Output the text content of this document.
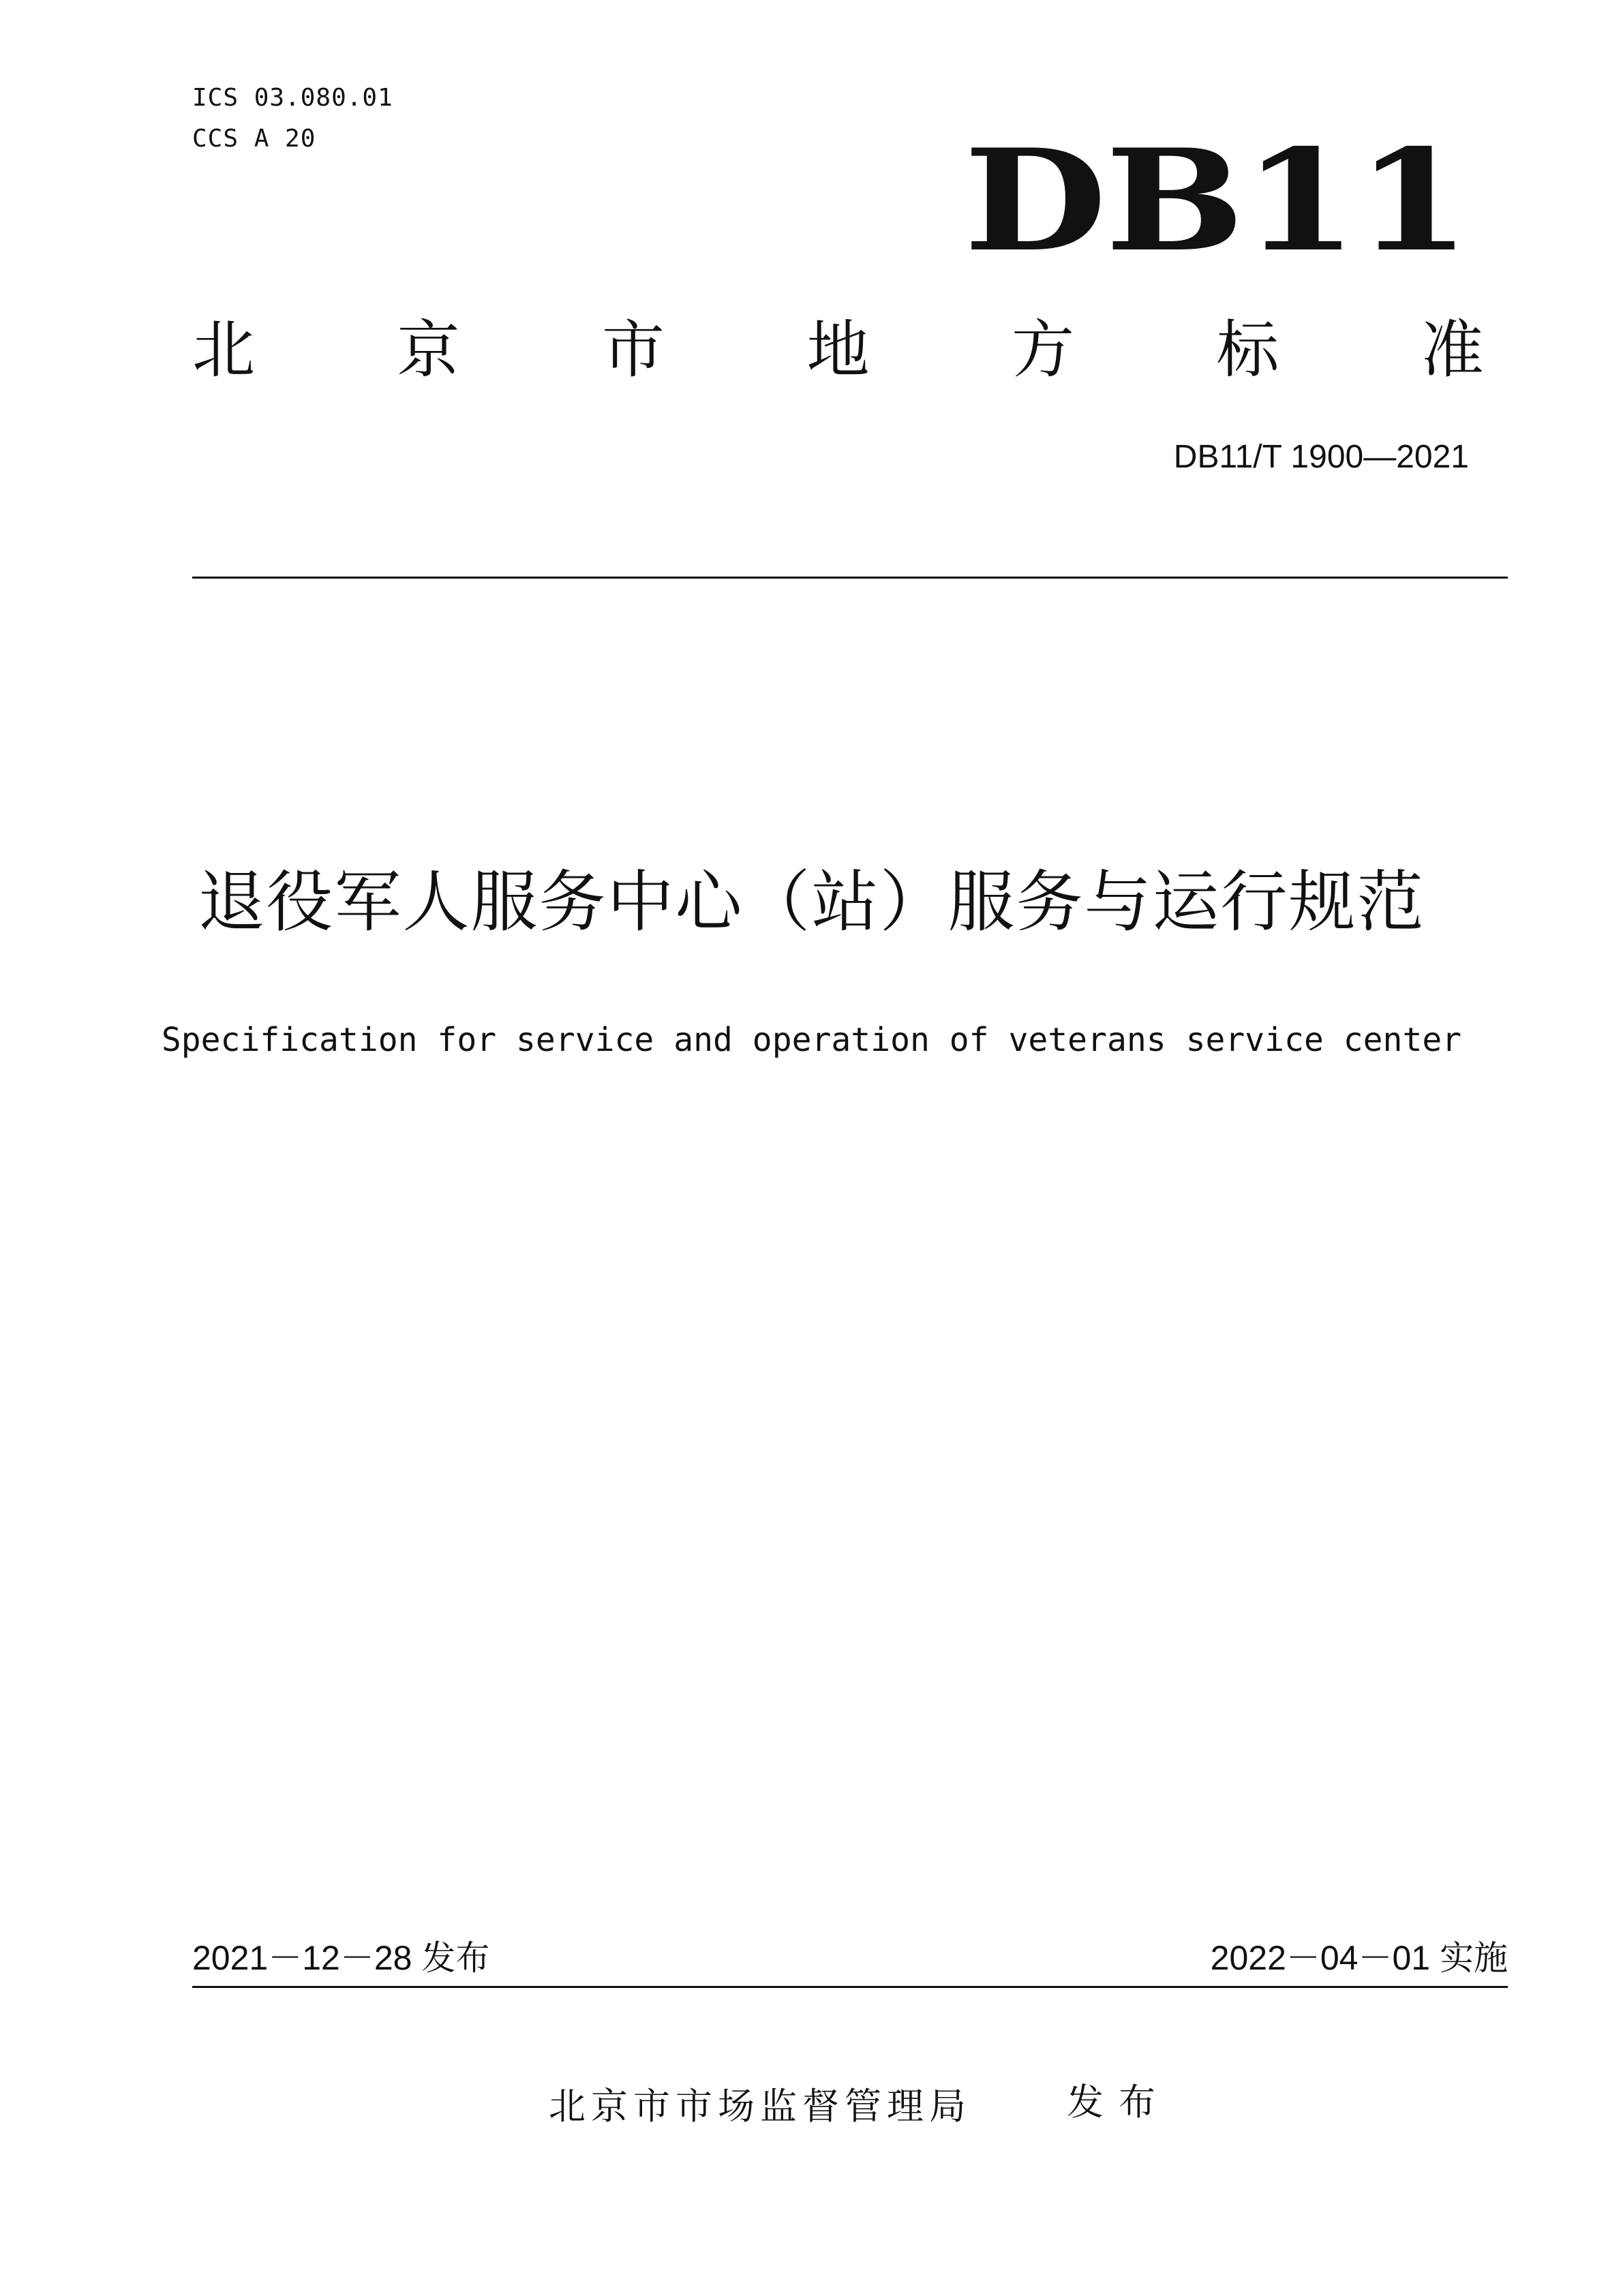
ICS 03.080.01
CCS A 20	DB11
北 京 市 地 方 标 准
DB11/T 1900—2021
退役军人服务中心（站）服务与运行规范
Specification for service and operation of veterans service center
2021－12－28 发布	2022－04－01 实施
北京市市场监督管理局	发布
